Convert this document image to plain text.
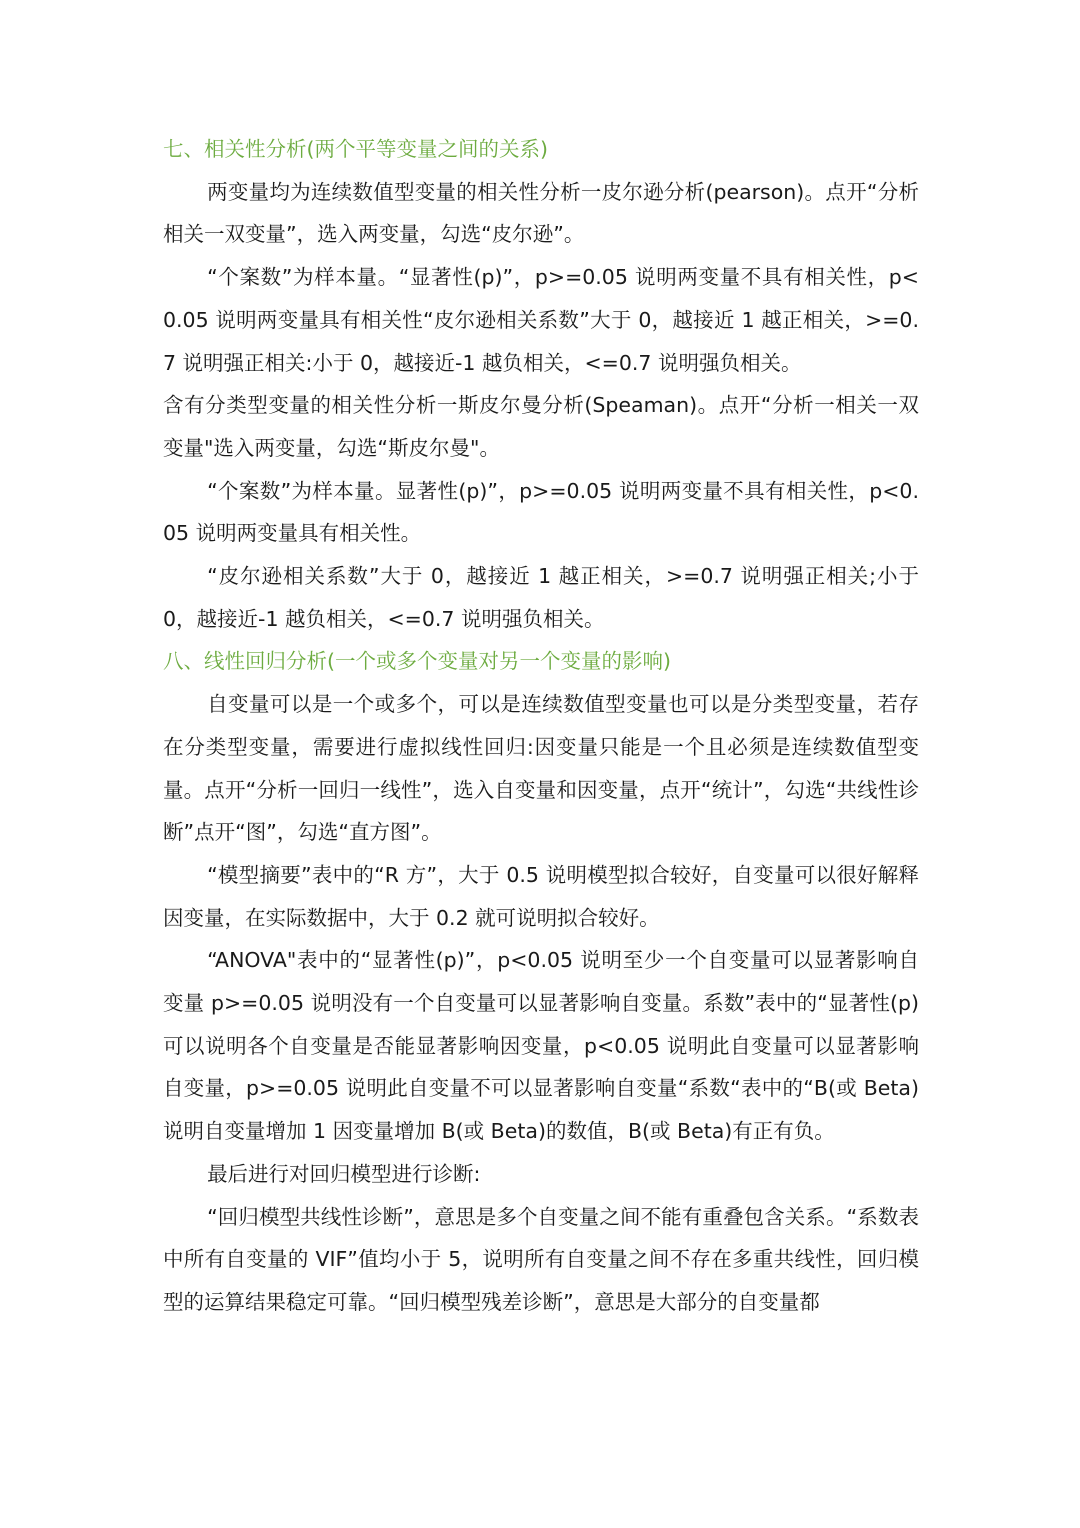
七、相关性分析(两个平等变量之间的关系)

两变量均为连续数值型变量的相关性分析一皮尔逊分析(pearson)。点开“分析相关一双变量”，选入两变量，勾选“皮尔逊”。

“个案数”为样本量。“显著性(p)”，p>=0.05 说明两变量不具有相关性，p<0.05 说明两变量具有相关性“皮尔逊相关系数”大于 0，越接近 1 越正相关，>=0.7 说明强正相关:小于 0，越接近-1 越负相关，<=0.7 说明强负相关。

含有分类型变量的相关性分析一斯皮尔曼分析(Speaman)。点开“分析一相关一双变量"选入两变量，勾选“斯皮尔曼"。

“个案数”为样本量。显著性(p)”，p>=0.05 说明两变量不具有相关性，p<0.05 说明两变量具有相关性。

“皮尔逊相关系数”大于 0，越接近 1 越正相关，>=0.7 说明强正相关;小于 0，越接近-1 越负相关，<=0.7 说明强负相关。

八、线性回归分析(一个或多个变量对另一个变量的影响)

自变量可以是一个或多个，可以是连续数值型变量也可以是分类型变量，若存在分类型变量，需要进行虚拟线性回归:因变量只能是一个且必须是连续数值型变量。点开“分析一回归一线性”，选入自变量和因变量，点开“统计”，勾选“共线性诊断”点开“图”，勾选“直方图”。

“模型摘要”表中的“R 方”，大于 0.5 说明模型拟合较好，自变量可以很好解释因变量，在实际数据中，大于 0.2 就可说明拟合较好。

“ANOVA"表中的“显著性(p)”，p<0.05 说明至少一个自变量可以显著影响自变量 p>=0.05 说明没有一个自变量可以显著影响自变量。系数”表中的“显著性(p)可以说明各个自变量是否能显著影响因变量，p<0.05 说明此自变量可以显著影响自变量，p>=0.05 说明此自变量不可以显著影响自变量“系数“表中的“B(或 Beta)说明自变量增加 1 因变量增加 B(或 Beta)的数值，B(或 Beta)有正有负。

最后进行对回归模型进行诊断:

“回归模型共线性诊断”，意思是多个自变量之间不能有重叠包含关系。“系数表中所有自变量的 VIF”值均小于 5，说明所有自变量之间不存在多重共线性，回归模型的运算结果稳定可靠。“回归模型残差诊断”，意思是大部分的自变量都
